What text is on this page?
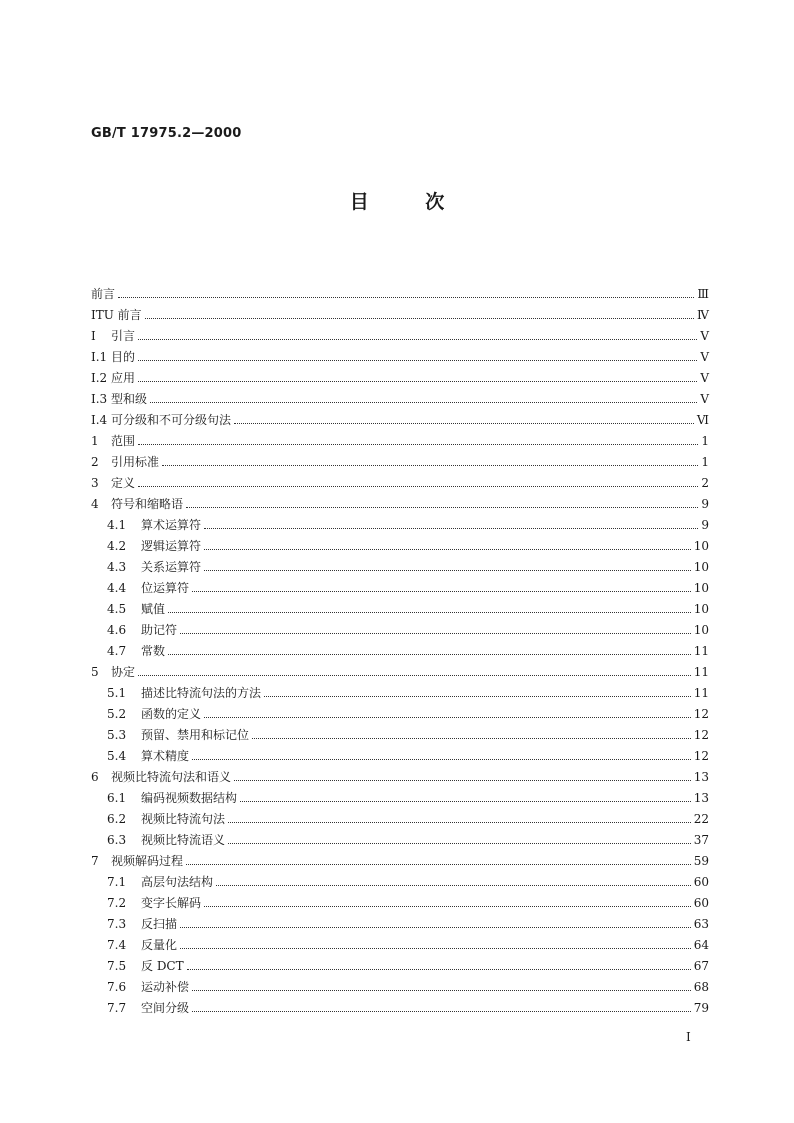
GB/T 17975.2—2000
目 次
前言	Ⅲ
ITU 前言	Ⅳ
Ⅰ	引言	Ⅴ
Ⅰ.1 目的	Ⅴ
Ⅰ.2 应用	Ⅴ
Ⅰ.3 型和级	Ⅴ
Ⅰ.4 可分级和不可分级句法	Ⅵ
1	范围	1
2	引用标准	1
3	定义	2
4	符号和缩略语	9
4.1	算术运算符	9
4.2	逻辑运算符	10
4.3	关系运算符	10
4.4	位运算符	10
4.5	赋值	10
4.6	助记符	10
4.7	常数	11
5	协定	11
5.1	描述比特流句法的方法	11
5.2	函数的定义	12
5.3	预留、禁用和标记位	12
5.4	算术精度	12
6	视频比特流句法和语义	13
6.1	编码视频数据结构	13
6.2	视频比特流句法	22
6.3	视频比特流语义	37
7	视频解码过程	59
7.1	高层句法结构	60
7.2	变字长解码	60
7.3	反扫描	63
7.4	反量化	64
7.5	反 DCT	67
7.6	运动补偿	68
7.7	空间分级	79
Ⅰ
